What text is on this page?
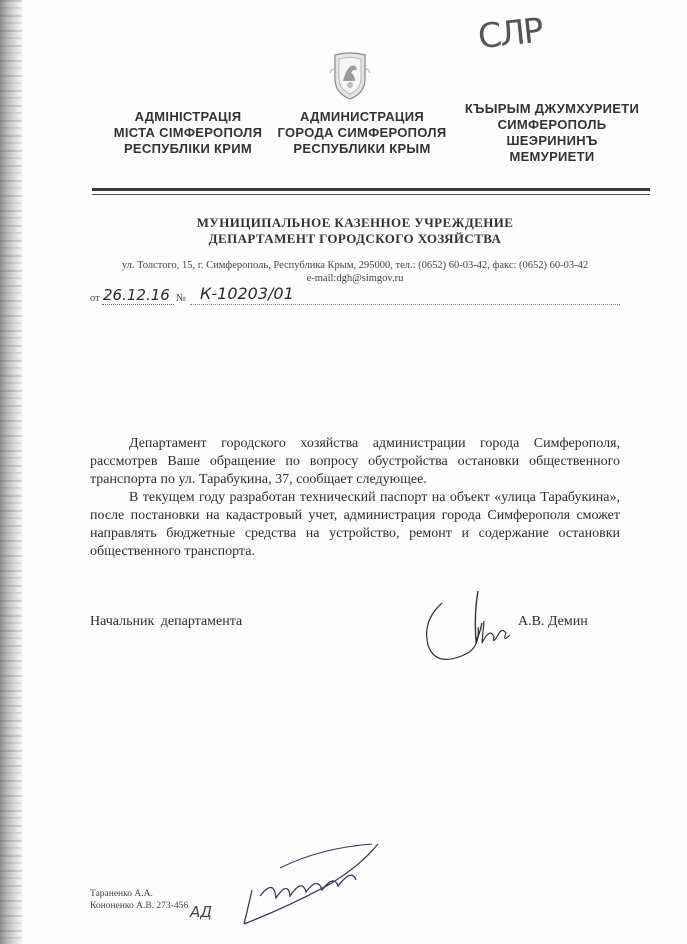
СЛР
АДМІНІСТРАЦІЯ
МІСТА СІМФЕРОПОЛЯ
РЕСПУБЛІКИ КРИМ
АДМИНИСТРАЦИЯ
ГОРОДА СИМФЕРОПОЛЯ
РЕСПУБЛИКИ КРЫМ
КЪЫРЫМ ДЖУМХУРИЕТИ
СИМФЕРОПОЛЬ
ШЕЭРИНИНЪ
МЕМУРИЕТИ
МУНИЦИПАЛЬНОЕ КАЗЕННОЕ УЧРЕЖДЕНИЕ
ДЕПАРТАМЕНТ ГОРОДСКОГО ХОЗЯЙСТВА
ул. Толстого, 15, г. Симферополь, Республика Крым, 295000, тел.: (0652) 60-03-42, факс: (0652) 60-03-42
e-mail:dgh@simgov.ru
от 26.12.16 № К-10203/01

Департамент городского хозяйства администрации города Симферополя, рассмотрев Ваше обращение по вопросу обустройства остановки общественного транспорта по ул. Тарабукина, 37, сообщает следующее.

В текущем году разработан технический паспорт на объект «улица Тарабукина», после постановки на кадастровый учет, администрация города Симферополя сможет направлять бюджетные средства на устройство, ремонт и содержание остановки общественного транспорта.

Начальник департамента	А.В. Демин
Тараненко А.А.
Кононенко А.В. 273-456 АД
